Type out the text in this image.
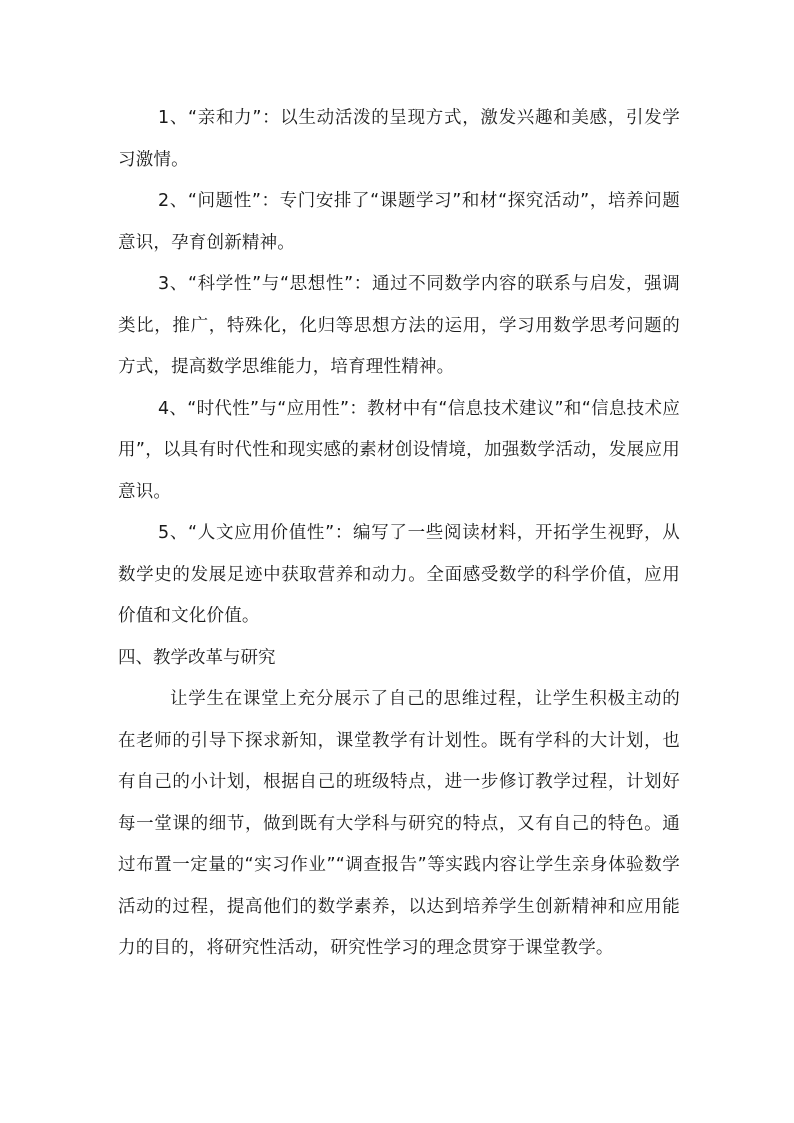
1、“亲和力”：以生动活泼的呈现方式，激发兴趣和美感，引发学习激情。

2、“问题性”：专门安排了“课题学习”和材“探究活动”，培养问题意识，孕育创新精神。

3、“科学性”与“思想性”：通过不同数学内容的联系与启发，强调类比，推广，特殊化，化归等思想方法的运用，学习用数学思考问题的方式，提高数学思维能力，培育理性精神。

4、“时代性”与“应用性”：教材中有“信息技术建议”和“信息技术应用”，以具有时代性和现实感的素材创设情境，加强数学活动，发展应用意识。

5、“人文应用价值性”：编写了一些阅读材料，开拓学生视野，从数学史的发展足迹中获取营养和动力。全面感受数学的科学价值，应用价值和文化价值。

四、教学改革与研究

让学生在课堂上充分展示了自己的思维过程，让学生积极主动的在老师的引导下探求新知，课堂教学有计划性。既有学科的大计划，也有自己的小计划，根据自己的班级特点，进一步修订教学过程，计划好每一堂课的细节，做到既有大学科与研究的特点，又有自己的特色。通过布置一定量的“实习作业”“调查报告”等实践内容让学生亲身体验数学活动的过程，提高他们的数学素养，以达到培养学生创新精神和应用能力的目的，将研究性活动，研究性学习的理念贯穿于课堂教学。
